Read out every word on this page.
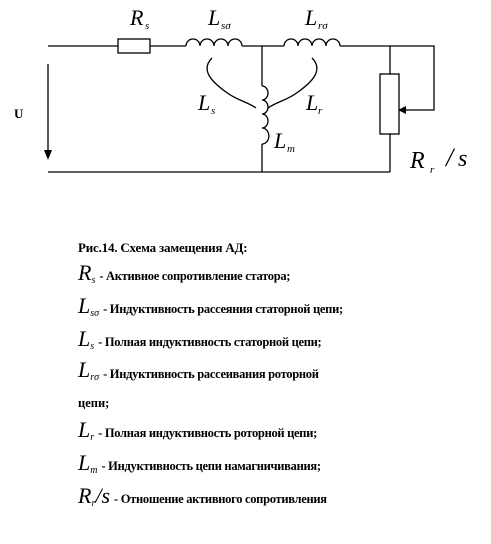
U
R s	L sσ	L rσ
L s	L r
L m	R r / s

Рис.14. Схема замещения АД:

$R_s$ - Активное сопротивление статора;
$L_{s\sigma}$ - Индуктивность рассеяния статорной цепи;
$L_s$ - Полная индуктивность статорной цепи;
$L_{r\sigma}$ - Индуктивность рассеивания роторной
цепи;
$L_r$ - Полная индуктивность роторной цепи;
$L_m$ - Индуктивность цепи намагничивания;
$R_r/s$ - Отношение активного сопротивления
